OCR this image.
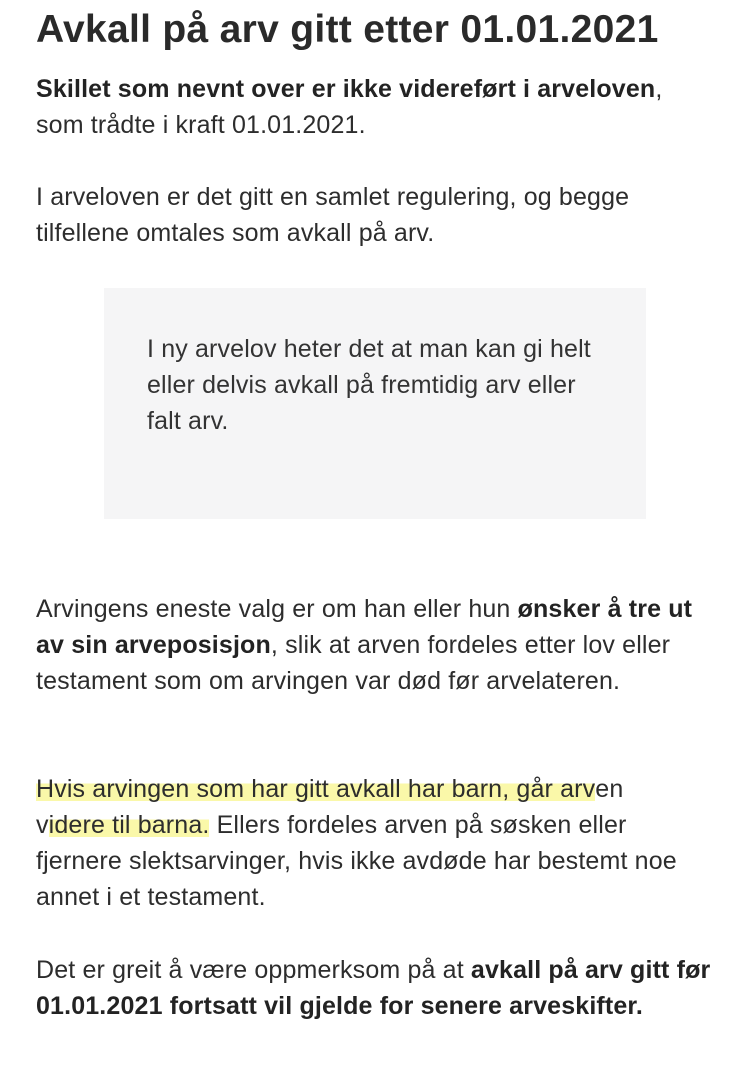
Avkall på arv gitt etter 01.01.2021

Skillet som nevnt over er ikke videreført i arveloven, som trådte i kraft 01.01.2021.

I arveloven er det gitt en samlet regulering, og begge tilfellene omtales som avkall på arv.

I ny arvelov heter det at man kan gi helt eller delvis avkall på fremtidig arv eller falt arv.

Arvingens eneste valg er om han eller hun ønsker å tre ut av sin arveposisjon, slik at arven fordeles etter lov eller testament som om arvingen var død før arvelateren.

Hvis arvingen som har gitt avkall har barn, går arven
videre til barna. Ellers fordeles arven på søsken eller fjernere slektsarvinger, hvis ikke avdøde har bestemt noe annet i et testament.

Det er greit å være oppmerksom på at avkall på arv gitt før 01.01.2021 fortsatt vil gjelde for senere arveskifter.
